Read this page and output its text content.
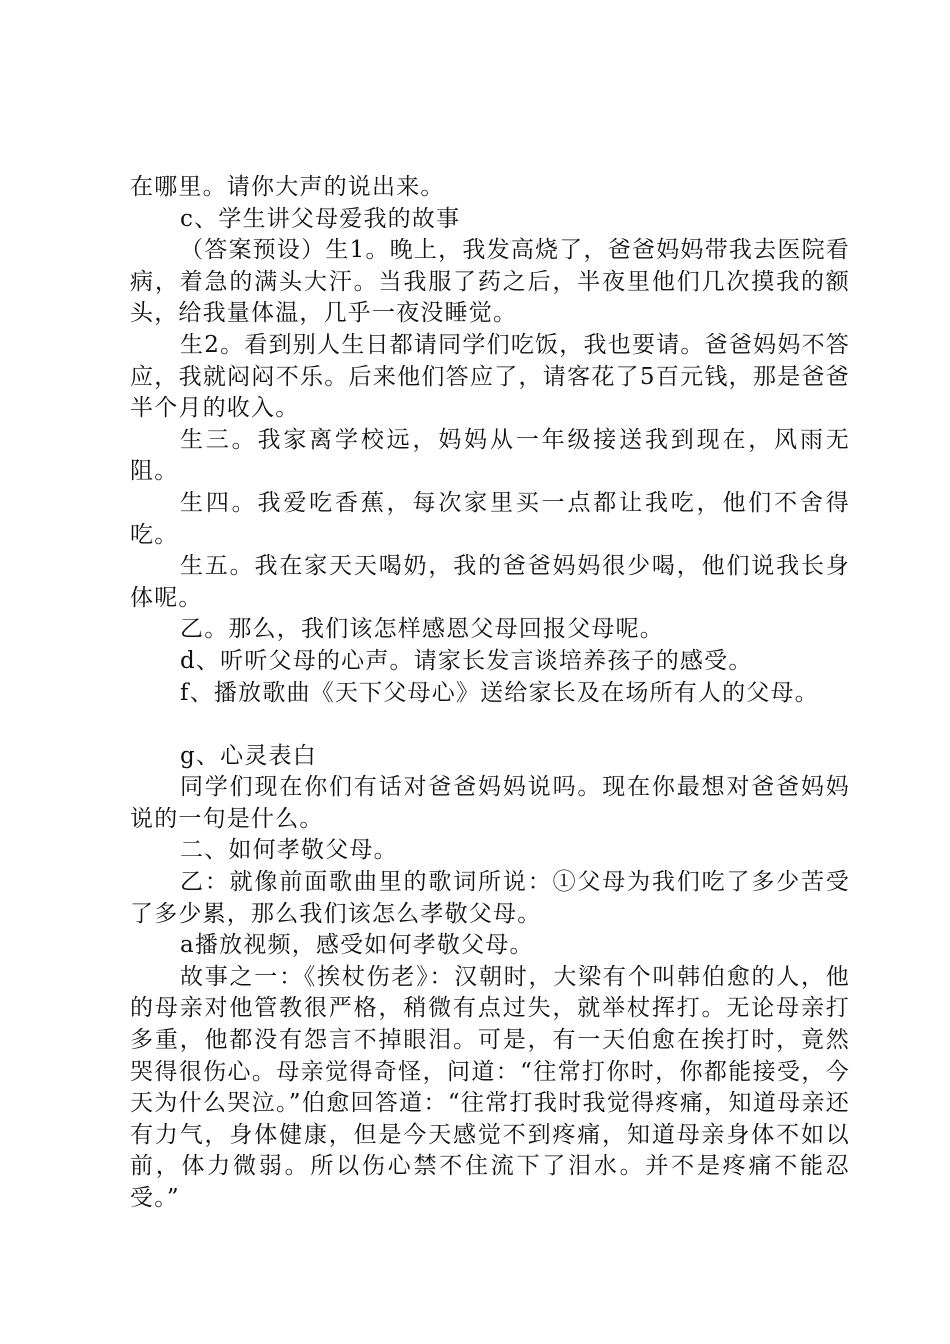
在哪里。请你大声的说出来。

c、学生讲父母爱我的故事

（答案预设）生1。晚上，我发高烧了，爸爸妈妈带我去医院看病，着急的满头大汗。当我服了药之后，半夜里他们几次摸我的额头，给我量体温，几乎一夜没睡觉。

生2。看到别人生日都请同学们吃饭，我也要请。爸爸妈妈不答应，我就闷闷不乐。后来他们答应了，请客花了5百元钱，那是爸爸半个月的收入。

生三。我家离学校远，妈妈从一年级接送我到现在，风雨无阻。

生四。我爱吃香蕉，每次家里买一点都让我吃，他们不舍得吃。

生五。我在家天天喝奶，我的爸爸妈妈很少喝，他们说我长身体呢。

乙。那么，我们该怎样感恩父母回报父母呢。

d、听听父母的心声。请家长发言谈培养孩子的感受。

f、播放歌曲《天下父母心》送给家长及在场所有人的父母。

g、心灵表白

同学们现在你们有话对爸爸妈妈说吗。现在你最想对爸爸妈妈说的一句是什么。

二、如何孝敬父母。

乙：就像前面歌曲里的歌词所说：①父母为我们吃了多少苦受了多少累，那么我们该怎么孝敬父母。

a播放视频，感受如何孝敬父母。

故事之一：《挨杖伤老》：汉朝时，大梁有个叫韩伯愈的人，他的母亲对他管教很严格，稍微有点过失，就举杖挥打。无论母亲打多重，他都没有怨言不掉眼泪。可是，有一天伯愈在挨打时，竟然哭得很伤心。母亲觉得奇怪，问道：“往常打你时，你都能接受，今天为什么哭泣。”伯愈回答道：“往常打我时我觉得疼痛，知道母亲还有力气，身体健康，但是今天感觉不到疼痛，知道母亲身体不如以前，体力微弱。所以伤心禁不住流下了泪水。并不是疼痛不能忍受。”
